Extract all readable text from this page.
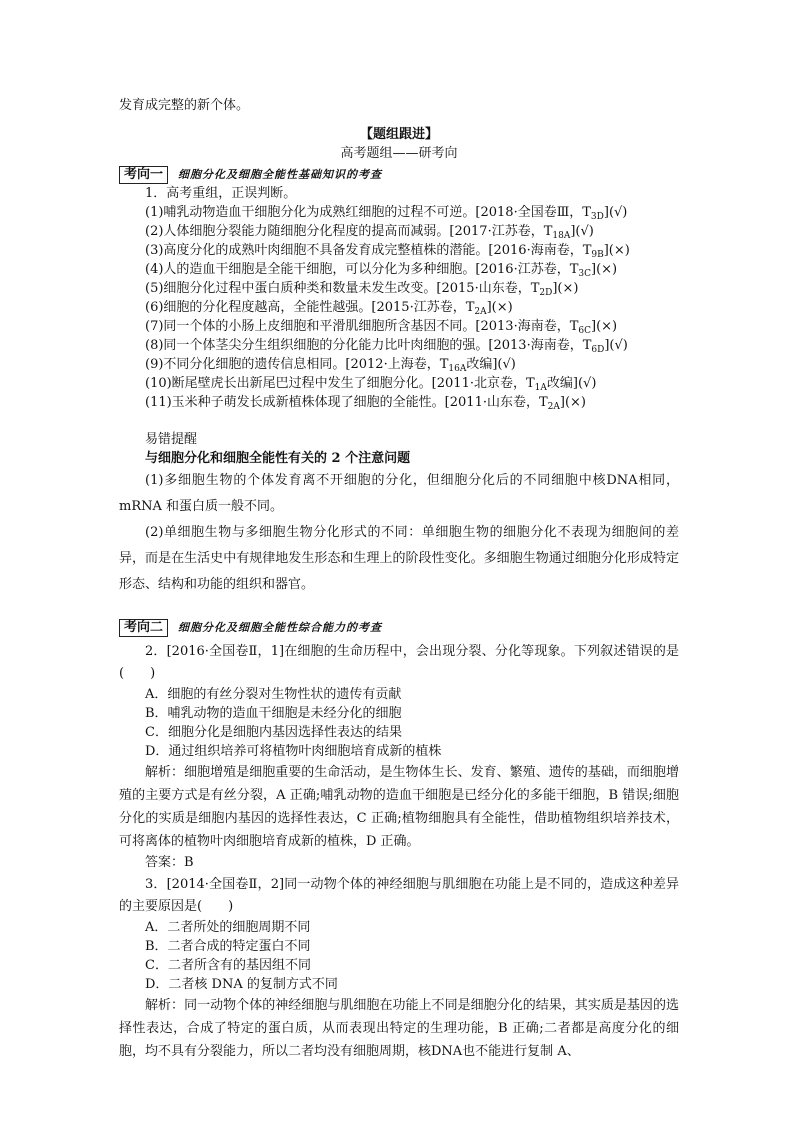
发育成完整的新个体。
【题组跟进】
高考题组——研考向
考向一	细胞分化及细胞全能性基础知识的考查
1．高考重组，正误判断。
(1)哺乳动物造血干细胞分化为成熟红细胞的过程不可逆。[2018·全国卷Ⅲ，$T_{3D}](√)$
(2)人体细胞分裂能力随细胞分化程度的提高而减弱。[2017·江苏卷，$T_{18A}](√)$
(3)高度分化的成熟叶肉细胞不具备发育成完整植株的潜能。[2016·海南卷，$T_{9B}](\times)$
(4)人的造血干细胞是全能干细胞，可以分化为多种细胞。[2016·江苏卷，$T_{3C}](\times)$
(5)细胞分化过程中蛋白质种类和数量未发生改变。[2015·山东卷，$T_{2D}](\times)$
(6)细胞的分化程度越高，全能性越强。[2015·江苏卷，$T_{2A}](\times)$
(7)同一个体的小肠上皮细胞和平滑肌细胞所含基因不同。[2013·海南卷，$T_{6C}](\times)$
(8)同一个体茎尖分生组织细胞的分化能力比叶肉细胞的强。[2013·海南卷，$T_{6D}](√)$
(9)不同分化细胞的遗传信息相同。[2012·上海卷，$T_{16A}$改编](√)
(10)断尾壁虎长出新尾巴过程中发生了细胞分化。[2011·北京卷，$T_{1A}$改编](√)
(11)玉米种子萌发长成新植株体现了细胞的全能性。[2011·山东卷，$T_{2A}](\times)$
易错提醒
与细胞分化和细胞全能性有关的 2 个注意问题
(1)多细胞生物的个体发育离不开细胞的分化，但细胞分化后的不同细胞中核DNA相同，mRNA 和蛋白质一般不同。
(2)单细胞生物与多细胞生物分化形式的不同：单细胞生物的细胞分化不表现为细胞间的差异，而是在生活史中有规律地发生形态和生理上的阶段性变化。多细胞生物通过细胞分化形成特定形态、结构和功能的组织和器官。
考向二	细胞分化及细胞全能性综合能力的考查
2．[2016·全国卷Ⅱ，1]在细胞的生命历程中，会出现分裂、分化等现象。下列叙述错误的是(　　)
A．细胞的有丝分裂对生物性状的遗传有贡献
B．哺乳动物的造血干细胞是未经分化的细胞
C．细胞分化是细胞内基因选择性表达的结果
D．通过组织培养可将植物叶肉细胞培育成新的植株
解析：细胞增殖是细胞重要的生命活动，是生物体生长、发育、繁殖、遗传的基础，而细胞增殖的主要方式是有丝分裂，A 正确;哺乳动物的造血干细胞是已经分化的多能干细胞，B 错误;细胞分化的实质是细胞内基因的选择性表达，C 正确;植物细胞具有全能性，借助植物组织培养技术，可将离体的植物叶肉细胞培育成新的植株，D 正确。
答案：B
3．[2014·全国卷Ⅱ，2]同一动物个体的神经细胞与肌细胞在功能上是不同的，造成这种差异的主要原因是(　　)
A．二者所处的细胞周期不同
B．二者合成的特定蛋白不同
C．二者所含有的基因组不同
D．二者核 DNA 的复制方式不同
解析：同一动物个体的神经细胞与肌细胞在功能上不同是细胞分化的结果，其实质是基因的选择性表达，合成了特定的蛋白质，从而表现出特定的生理功能，B 正确;二者都是高度分化的细胞，均不具有分裂能力，所以二者均没有细胞周期，核DNA也不能进行复制 A、
